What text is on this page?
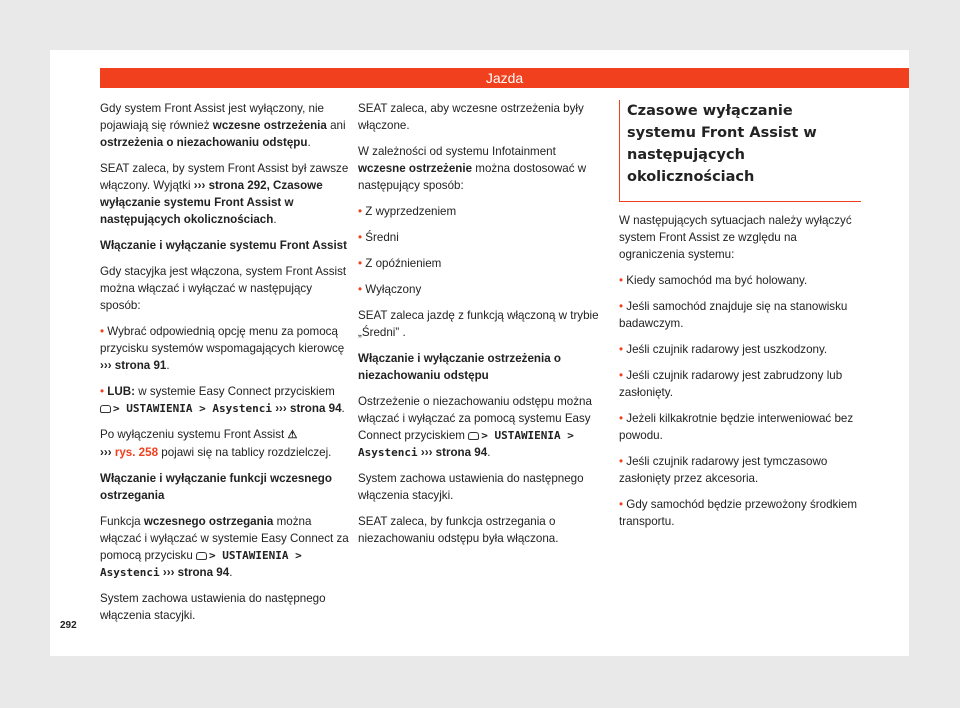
Jazda

Gdy system Front Assist jest wyłączony, nie pojawiają się również wczesne ostrzeżenia ani ostrzeżenia o niezachowaniu odstępu.

SEAT zaleca, by system Front Assist był zawsze włączony. Wyjątki ››› strona 292, Czasowe wyłączanie systemu Front Assist w następujących okolicznościach.

Włączanie i wyłączanie systemu Front Assist

Gdy stacyjka jest włączona, system Front Assist można włączać i wyłączać w następujący sposób:

• Wybrać odpowiednią opcję menu za pomocą przycisku systemów wspomagających kierowcę ››› strona 91.

• LUB: w systemie Easy Connect przyciskiem > USTAWIENIA > Asystenci ››› strona 94.

Po wyłączeniu systemu Front Assist ⚠
››› rys. 258 pojawi się na tablicy rozdzielczej.

Włączanie i wyłączanie funkcji wczesnego ostrzegania

Funkcja wczesnego ostrzegania można włączać i wyłączać w systemie Easy Connect za pomocą przycisku > USTAWIENIA > Asystenci ››› strona 94.

System zachowa ustawienia do następnego włączenia stacyjki.

SEAT zaleca, aby wczesne ostrzeżenia były włączone.

W zależności od systemu Infotainment
wczesne ostrzeżenie można dostosować w następujący sposób:

• Z wyprzedzeniem

• Średni

• Z opóźnieniem

• Wyłączony

SEAT zaleca jazdę z funkcją włączoną w trybie „Średni” .

Włączanie i wyłączanie ostrzeżenia o niezachowaniu odstępu

Ostrzeżenie o niezachowaniu odstępu można włączać i wyłączać za pomocą systemu Easy Connect przyciskiem > USTAWIENIA > Asystenci ››› strona 94.

System zachowa ustawienia do następnego włączenia stacyjki.

SEAT zaleca, by funkcja ostrzegania o niezachowaniu odstępu była włączona.

Czasowe wyłączanie systemu Front Assist w następujących okolicznościach

W następujących sytuacjach należy wyłączyć system Front Assist ze względu na ograniczenia systemu:

• Kiedy samochód ma być holowany.

• Jeśli samochód znajduje się na stanowisku badawczym.

• Jeśli czujnik radarowy jest uszkodzony.

• Jeśli czujnik radarowy jest zabrudzony lub zasłonięty.

• Jeżeli kilkakrotnie będzie interweniować bez powodu.

• Jeśli czujnik radarowy jest tymczasowo zasłonięty przez akcesoria.

• Gdy samochód będzie przewożony środkiem transportu.

292
